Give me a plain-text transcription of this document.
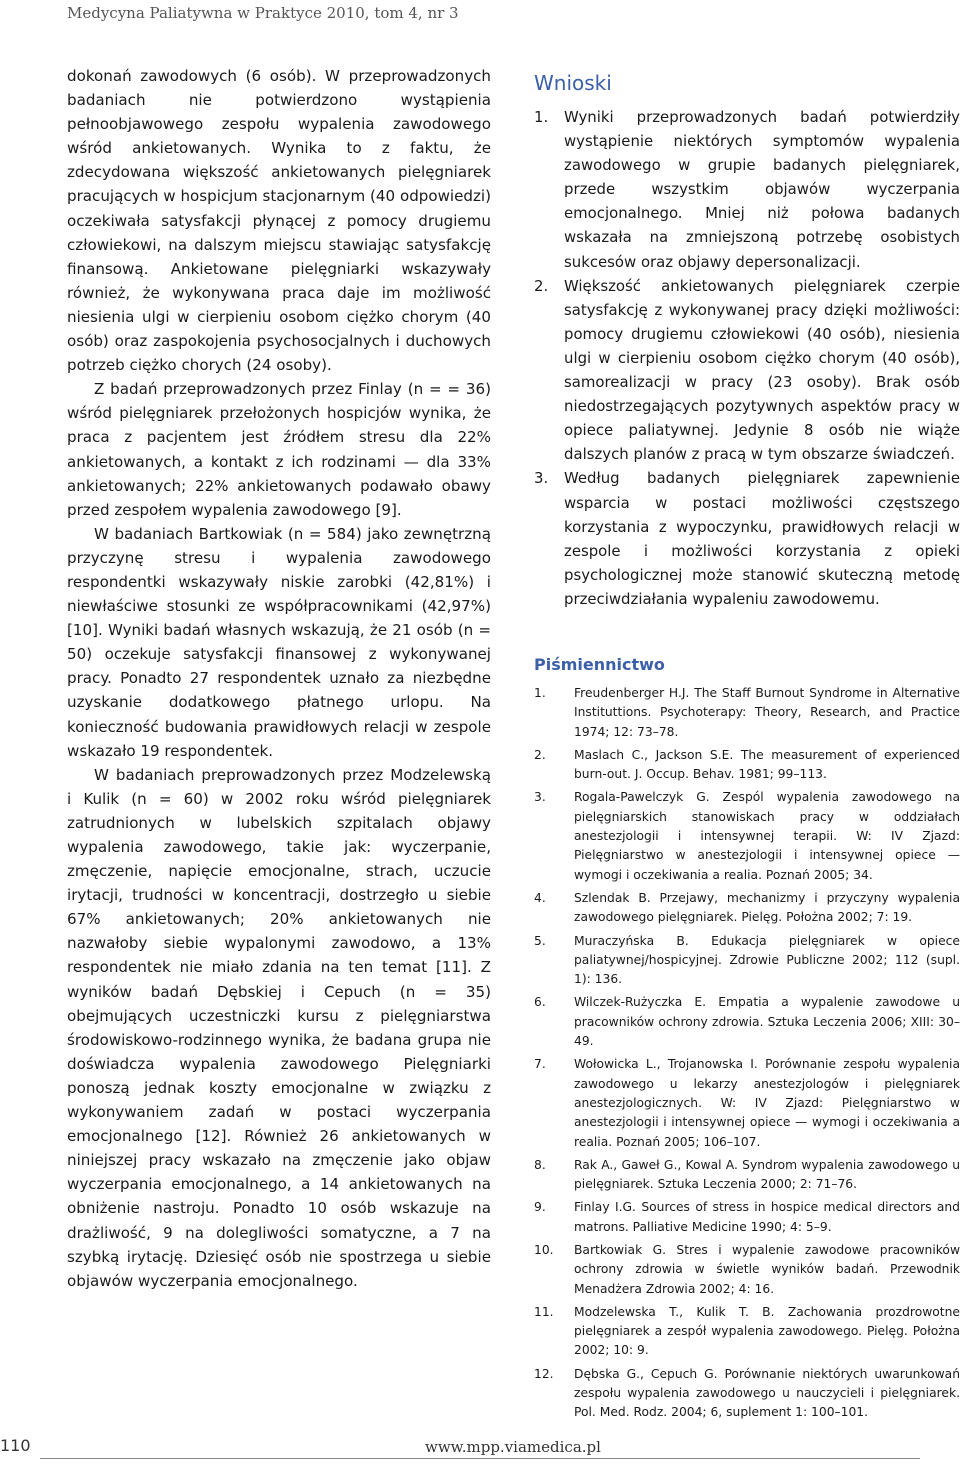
Medycyna Paliatywna w Praktyce 2010, tom 4, nr 3

dokonań zawodowych (6 osób). W przeprowadzonych badaniach nie potwierdzono wystąpienia pełnoobjawowego zespołu wypalenia zawodowego wśród ankietowanych. Wynika to z faktu, że zdecydowana większość ankietowanych pielęgniarek pracujących w hospicjum stacjonarnym (40 odpowiedzi) oczekiwała satysfakcji płynącej z pomocy drugiemu człowiekowi, na dalszym miejscu stawiając satysfakcję finansową. Ankietowane pielęgniarki wskazywały również, że wykonywana praca daje im możliwość niesienia ulgi w cierpieniu osobom ciężko chorym (40 osób) oraz zaspokojenia psychosocjalnych i duchowych potrzeb ciężko chorych (24 osoby).

Z badań przeprowadzonych przez Finlay (n = = 36) wśród pielęgniarek przełożonych hospicjów wynika, że praca z pacjentem jest źródłem stresu dla 22% ankietowanych, a kontakt z ich rodzinami — dla 33% ankietowanych; 22% ankietowanych podawało obawy przed zespołem wypalenia zawodowego [9].

W badaniach Bartkowiak (n = 584) jako zewnętrzną przyczynę stresu i wypalenia zawodowego respondentki wskazywały niskie zarobki (42,81%) i niewłaściwe stosunki ze współpracownikami (42,97%) [10]. Wyniki badań własnych wskazują, że 21 osób (n = 50) oczekuje satysfakcji finansowej z wykonywanej pracy. Ponadto 27 respondentek uznało za niezbędne uzyskanie dodatkowego płatnego urlopu. Na konieczność budowania prawidłowych relacji w zespole wskazało 19 respondentek.

W badaniach preprowadzonych przez Modzelewską i Kulik (n = 60) w 2002 roku wśród pielęgniarek zatrudnionych w lubelskich szpitalach objawy wypalenia zawodowego, takie jak: wyczerpanie, zmęczenie, napięcie emocjonalne, strach, uczucie irytacji, trudności w koncentracji, dostrzegło u siebie 67% ankietowanych; 20% ankietowanych nie nazwałoby siebie wypalonymi zawodowo, a 13% respondentek nie miało zdania na ten temat [11]. Z wyników badań Dębskiej i Cepuch (n = 35) obejmujących uczestniczki kursu z pielęgniarstwa środowiskowo-rodzinnego wynika, że badana grupa nie doświadcza wypalenia zawodowego Pielęgniarki ponoszą jednak koszty emocjonalne w związku z wykonywaniem zadań w postaci wyczerpania emocjonalnego [12]. Również 26 ankietowanych w niniejszej pracy wskazało na zmęczenie jako objaw wyczerpania emocjonalnego, a 14 ankietowanych na obniżenie nastroju. Ponadto 10 osób wskazuje na drażliwość, 9 na dolegliwości somatyczne, a 7 na szybką irytację. Dziesięć osób nie spostrzega u siebie objawów wyczerpania emocjonalnego.

Wnioski
1. Wyniki przeprowadzonych badań potwierdziły wystąpienie niektórych symptomów wypalenia zawodowego w grupie badanych pielęgniarek, przede wszystkim objawów wyczerpania emocjonalnego. Mniej niż połowa badanych wskazała na zmniejszoną potrzebę osobistych sukcesów oraz objawy depersonalizacji.
2. Większość ankietowanych pielęgniarek czerpie satysfakcję z wykonywanej pracy dzięki możliwości: pomocy drugiemu człowiekowi (40 osób), niesienia ulgi w cierpieniu osobom ciężko chorym (40 osób), samorealizacji w pracy (23 osoby). Brak osób niedostrzegających pozytywnych aspektów pracy w opiece paliatywnej. Jedynie 8 osób nie wiąże dalszych planów z pracą w tym obszarze świadczeń.
3. Według badanych pielęgniarek zapewnienie wsparcia w postaci możliwości częstszego korzystania z wypoczynku, prawidłowych relacji w zespole i możliwości korzystania z opieki psychologicznej może stanowić skuteczną metodę przeciwdziałania wypaleniu zawodowemu.
Piśmiennictwo
1. Freudenberger H.J. The Staff Burnout Syndrome in Alternative Instituttions. Psychoterapy: Theory, Research, and Practice 1974; 12: 73–78.
2. Maslach C., Jackson S.E. The measurement of experienced burn-out. J. Occup. Behav. 1981; 99–113.
3. Rogala-Pawelczyk G. Zespól wypalenia zawodowego na pielęgniarskich stanowiskach pracy w oddziałach anestezjologii i intensywnej terapii. W: IV Zjazd: Pielęgniarstwo w anestezjologii i intensywnej opiece — wymogi i oczekiwania a realia. Poznań 2005; 34.
4. Szlendak B. Przejawy, mechanizmy i przyczyny wypalenia zawodowego pielęgniarek. Pielęg. Położna 2002; 7: 19.
5. Muraczyńska B. Edukacja pielęgniarek w opiece paliatywnej/hospicyjnej. Zdrowie Publiczne 2002; 112 (supl. 1): 136.
6. Wilczek-Rużyczka E. Empatia a wypalenie zawodowe u pracowników ochrony zdrowia. Sztuka Leczenia 2006; XIII: 30–49.
7. Wołowicka L., Trojanowska I. Porównanie zespołu wypalenia zawodowego u lekarzy anestezjologów i pielęgniarek anestezjologicznych. W: IV Zjazd: Pielęgniarstwo w anestezjologii i intensywnej opiece — wymogi i oczekiwania a realia. Poznań 2005; 106–107.
8. Rak A., Gaweł G., Kowal A. Syndrom wypalenia zawodowego u pielęgniarek. Sztuka Leczenia 2000; 2: 71–76.
9. Finlay I.G. Sources of stress in hospice medical directors and matrons. Palliative Medicine 1990; 4: 5–9.
10. Bartkowiak G. Stres i wypalenie zawodowe pracowników ochrony zdrowia w świetle wyników badań. Przewodnik Menadżera Zdrowia 2002; 4: 16.
11. Modzelewska T., Kulik T. B. Zachowania prozdrowotne pielęgniarek a zespół wypalenia zawodowego. Pielęg. Położna 2002; 10: 9.
12. Dębska G., Cepuch G. Porównanie niektórych uwarunkowań zespołu wypalenia zawodowego u nauczycieli i pielęgniarek. Pol. Med. Rodz. 2004; 6, suplement 1: 100–101.
110	www.mpp.viamedica.pl
